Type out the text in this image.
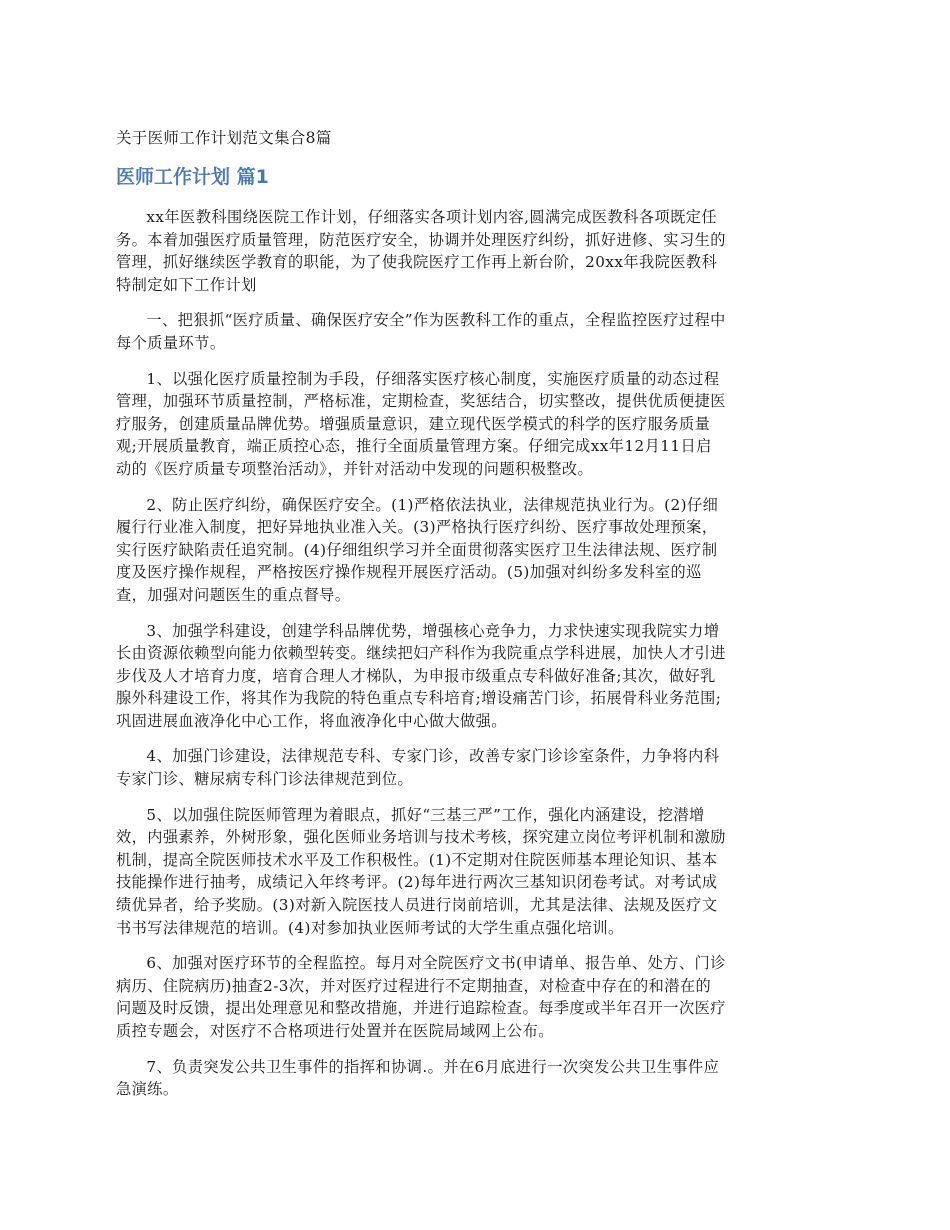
关于医师工作计划范文集合8篇
医师工作计划 篇1
xx年医教科围绕医院工作计划，仔细落实各项计划内容,圆满完成医教科各项既定任
务。本着加强医疗质量管理，防范医疗安全，协调并处理医疗纠纷，抓好进修、实习生的
管理，抓好继续医学教育的职能，为了使我院医疗工作再上新台阶，20xx年我院医教科
特制定如下工作计划
一、把狠抓“医疗质量、确保医疗安全”作为医教科工作的重点，全程监控医疗过程中
每个质量环节。
1、以强化医疗质量控制为手段，仔细落实医疗核心制度，实施医疗质量的动态过程
管理，加强环节质量控制，严格标准，定期检查，奖惩结合，切实整改，提供优质便捷医
疗服务，创建质量品牌优势。增强质量意识，建立现代医学模式的科学的医疗服务质量
观;开展质量教育，端正质控心态，推行全面质量管理方案。仔细完成xx年12月11日启
动的《医疗质量专项整治活动》，并针对活动中发现的问题积极整改。
2、防止医疗纠纷，确保医疗安全。(1)严格依法执业，法律规范执业行为。(2)仔细
履行行业准入制度，把好异地执业准入关。(3)严格执行医疗纠纷、医疗事故处理预案，
实行医疗缺陷责任追究制。(4)仔细组织学习并全面贯彻落实医疗卫生法律法规、医疗制
度及医疗操作规程，严格按医疗操作规程开展医疗活动。(5)加强对纠纷多发科室的巡
查，加强对问题医生的重点督导。
3、加强学科建设，创建学科品牌优势，增强核心竞争力，力求快速实现我院实力增
长由资源依赖型向能力依赖型转变。继续把妇产科作为我院重点学科进展，加快人才引进
步伐及人才培育力度，培育合理人才梯队，为申报市级重点专科做好准备;其次，做好乳
腺外科建设工作，将其作为我院的特色重点专科培育;增设痛苦门诊，拓展骨科业务范围;
巩固进展血液净化中心工作，将血液净化中心做大做强。
4、加强门诊建设，法律规范专科、专家门诊，改善专家门诊诊室条件，力争将内科
专家门诊、糖尿病专科门诊法律规范到位。
5、以加强住院医师管理为着眼点，抓好“三基三严”工作，强化内涵建设，挖潜增
效，内强素养，外树形象，强化医师业务培训与技术考核，探究建立岗位考评机制和激励
机制，提高全院医师技术水平及工作积极性。(1)不定期对住院医师基本理论知识、基本
技能操作进行抽考，成绩记入年终考评。(2)每年进行两次三基知识闭卷考试。对考试成
绩优异者，给予奖励。(3)对新入院医技人员进行岗前培训，尤其是法律、法规及医疗文
书书写法律规范的培训。(4)对参加执业医师考试的大学生重点强化培训。
6、加强对医疗环节的全程监控。每月对全院医疗文书(申请单、报告单、处方、门诊
病历、住院病历)抽查2-3次，并对医疗过程进行不定期抽查，对检查中存在的和潜在的
问题及时反馈，提出处理意见和整改措施，并进行追踪检查。每季度或半年召开一次医疗
质控专题会，对医疗不合格项进行处置并在医院局域网上公布。
7、负责突发公共卫生事件的指挥和协调.。并在6月底进行一次突发公共卫生事件应
急演练。
